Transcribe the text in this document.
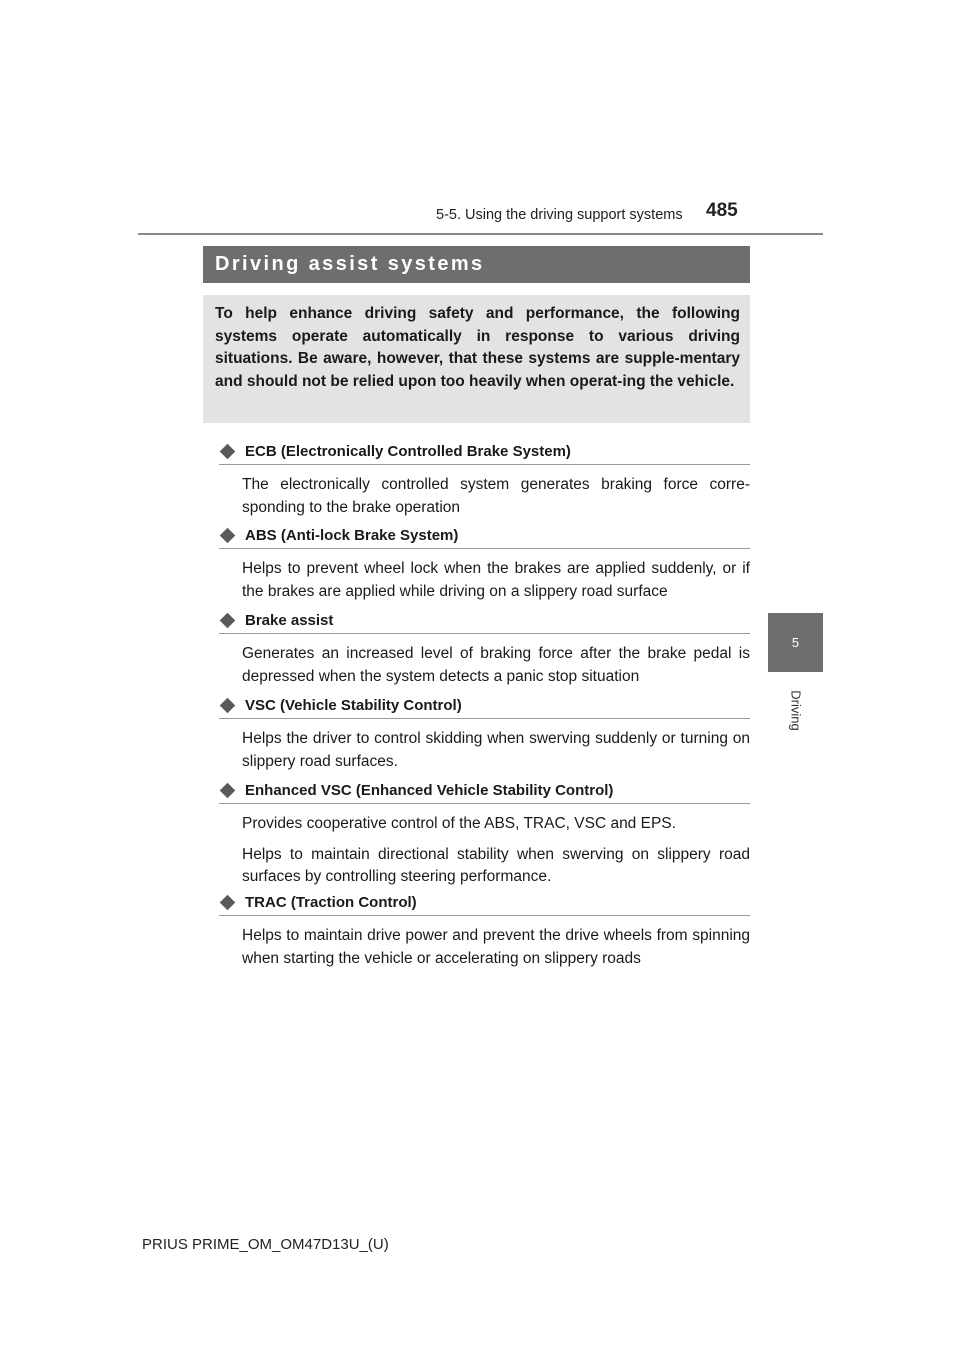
5-5. Using the driving support systems 485
Driving assist systems
To help enhance driving safety and performance, the following systems operate automatically in response to various driving situations. Be aware, however, that these systems are supple-mentary and should not be relied upon too heavily when operat-ing the vehicle.
5
Driving
ECB (Electronically Controlled Brake System)

The electronically controlled system generates braking force corre-sponding to the brake operation

ABS (Anti-lock Brake System)

Helps to prevent wheel lock when the brakes are applied suddenly, or if the brakes are applied while driving on a slippery road surface

Brake assist

Generates an increased level of braking force after the brake pedal is depressed when the system detects a panic stop situation

VSC (Vehicle Stability Control)

Helps the driver to control skidding when swerving suddenly or turning on slippery road surfaces.

Enhanced VSC (Enhanced Vehicle Stability Control)

Provides cooperative control of the ABS, TRAC, VSC and EPS.

Helps to maintain directional stability when swerving on slippery road surfaces by controlling steering performance.

TRAC (Traction Control)

Helps to maintain drive power and prevent the drive wheels from spinning when starting the vehicle or accelerating on slippery roads

PRIUS PRIME_OM_OM47D13U_(U)
